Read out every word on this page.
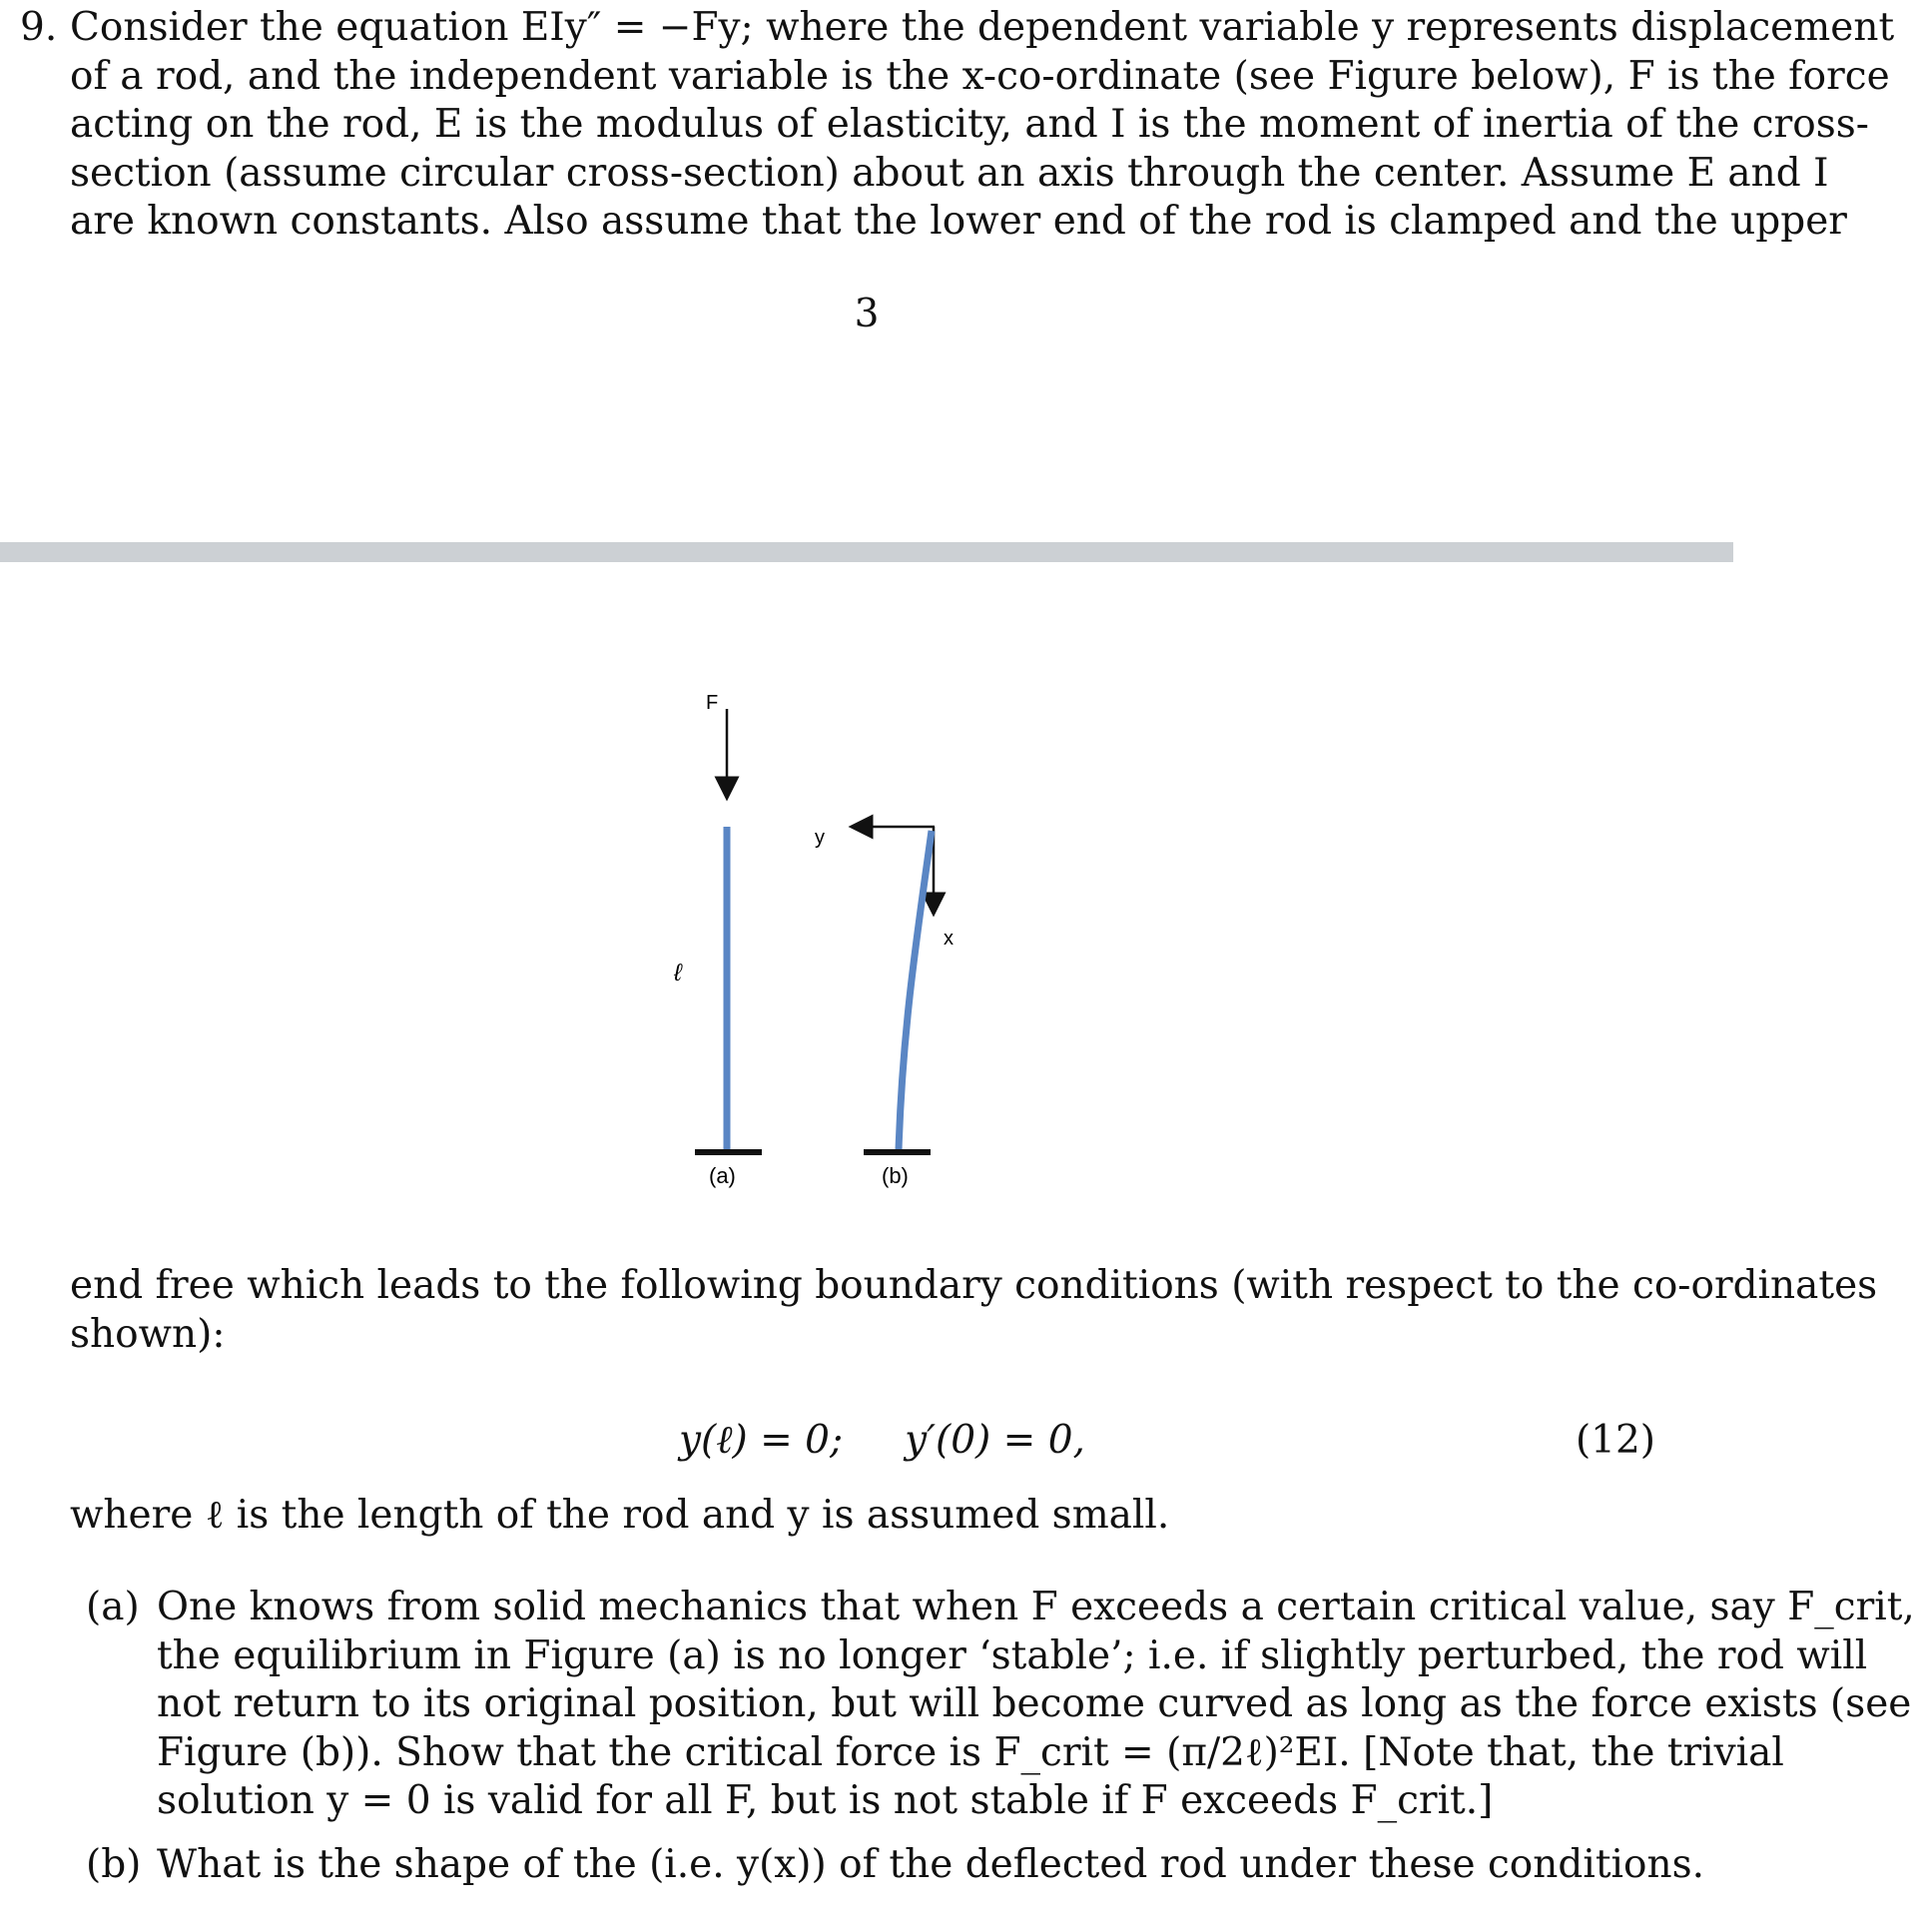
9. Consider the equation EIy″ = −Fy; where the dependent variable y represents displacement
of a rod, and the independent variable is the x-co-ordinate (see Figure below), F is the force
acting on the rod, E is the modulus of elasticity, and I is the moment of inertia of the cross-
section (assume circular cross-section) about an axis through the center. Assume E and I
are known constants. Also assume that the lower end of the rod is clamped and the upper
3
F
ℓ
y
x
(a)	(b)
end free which leads to the following boundary conditions (with respect to the co-ordinates
shown):
y(ℓ) = 0;     y′(0) = 0,	(12)
where ℓ is the length of the rod and y is assumed small.
(a) One knows from solid mechanics that when F exceeds a certain critical value, say F_crit,
the equilibrium in Figure (a) is no longer ‘stable’; i.e. if slightly perturbed, the rod will
not return to its original position, but will become curved as long as the force exists (see
Figure (b)). Show that the critical force is F_crit = (π/2ℓ)²EI. [Note that, the trivial
solution y = 0 is valid for all F, but is not stable if F exceeds F_crit.]
(b) What is the shape of the (i.e. y(x)) of the deflected rod under these conditions.
